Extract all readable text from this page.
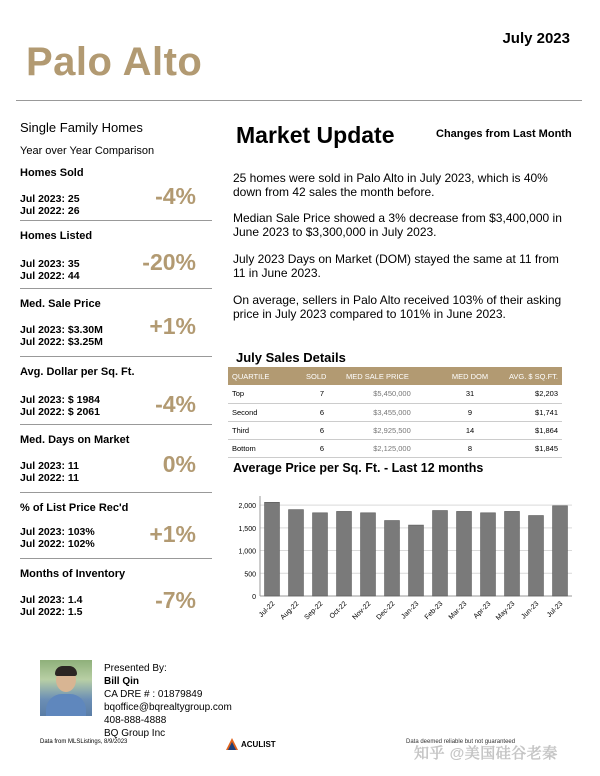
July 2023
Palo Alto
Single Family Homes
Year over Year Comparison
Homes Sold
Jul 2023: 25
Jul 2022: 26
-4%
Homes Listed
Jul 2023: 35
Jul 2022: 44
-20%
Med. Sale Price
Jul 2023: $3.30M
Jul 2022: $3.25M
+1%
Avg. Dollar per Sq. Ft.
Jul 2023: $ 1984
Jul 2022: $ 2061	-4%
Med. Days on Market
Jul 2023: 11
Jul 2022: 11
0%
% of List Price Rec'd
Jul 2023: 103%
Jul 2022: 102%	+1%
Months of Inventory
Jul 2023: 1.4
Jul 2022: 1.5	-7%
Market Update	Changes from Last Month
25 homes were sold in Palo Alto in July 2023, which is 40% down from 42 sales the month before.
Median Sale Price showed a 3% decrease from $3,400,000 in June 2023 to $3,300,000 in July 2023.
July 2023 Days on Market (DOM) stayed the same at 11 from 11 in June 2023.
On average, sellers in Palo Alto received 103% of their asking price in July 2023 compared to 101% in June 2023.
July Sales Details
QUARTILE	SOLD	MED SALE PRICE	MED DOM	AVG. $ SQ.FT.
Top	7	$5,450,000	31	$2,203
Second	6	$3,455,000	9	$1,741
Third	6	$2,925,500	14	$1,864
Bottom	6	$2,125,000	8	$1,845
Average Price per Sq. Ft. - Last 12 months
0
500
1,000
1,500
2,000
Jul-22 Aug-22 Sep-22 Oct-22 Nov-22 Dec-22 Jan-23 Feb-23 Mar-23 Apr-23 May-23 Jun-23 Jul-23
Presented By:
Bill Qin
CA DRE # : 01879849
bqoffice@bqrealtygroup.com
408-888-4888
BQ Group Inc
Data from MLSListings, 8/9/2023	ACULIST	Data deemed reliable but not guaranteed
知乎 @美国硅谷老秦
